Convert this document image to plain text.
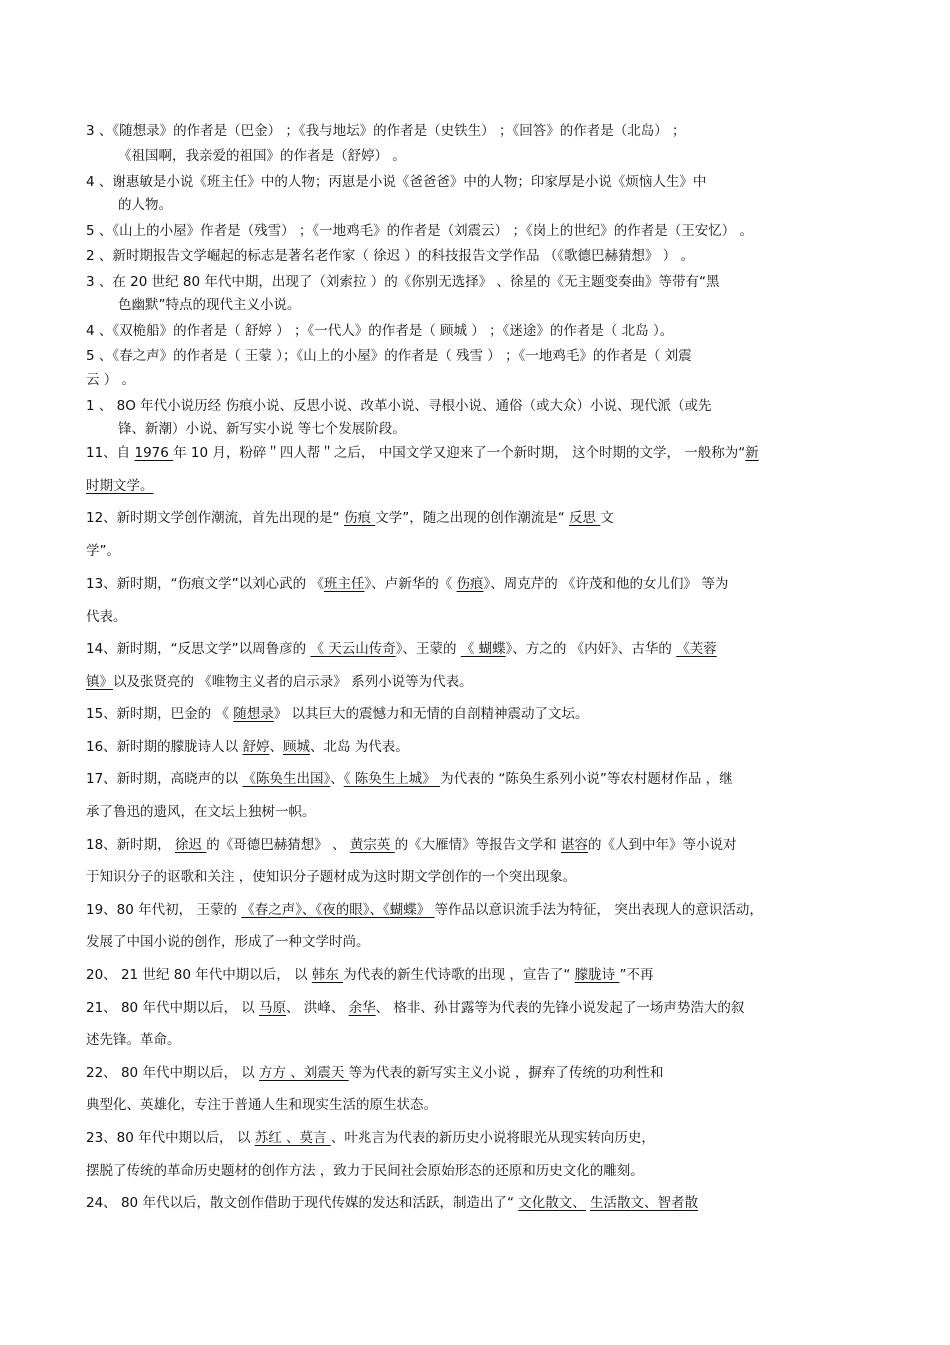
3 、《随想录》的作者是（巴金） ；《我与地坛》的作者是（史铁生） ；《回答》的作者是（北岛） ；
《祖国啊，我亲爱的祖国》的作者是（舒婷） 。
4 、谢惠敏是小说《班主任》中的人物；丙崽是小说《爸爸爸》中的人物；印家厚是小说《烦恼人生》中
的人物。
5 、《山上的小屋》作者是（残雪） ；《一地鸡毛》的作者是（刘震云） ；《岗上的世纪》的作者是（王安忆） 。
2 、新时期报告文学崛起的标志是著名老作家（ 徐迟 ）的科技报告文学作品 （《歌德巴赫猜想》 ） 。
3 、在 20 世纪 80 年代中期，出现了（刘索拉 ）的《你别无选择》 、徐星的《无主题变奏曲》等带有“黑
色幽默”特点的现代主义小说。
4 、《双桅船》的作者是（ 舒婷 ） ；《一代人》的作者是（ 顾城 ） ；《迷途》的作者是（ 北岛 ）。
5 、《春之声》的作者是（ 王蒙 ）；《山上的小屋》的作者是（ 残雪 ） ；《一地鸡毛》的作者是（ 刘震
云 ） 。
1 、 8O 年代小说历经 伤痕小说、反思小说、改革小说、寻根小说、通俗（或大众）小说、现代派（或先
锋、新潮）小说、新写实小说 等七个发展阶段。
11、自 1976 年 10 月，粉碎＂四人帮＂之后， 中国文学又迎来了一个新时期， 这个时期的文学， 一般称为“新
时期文学。
12、新时期文学创作潮流，首先出现的是“ 伤痕 文学”，随之出现的创作潮流是“ 反思 文
学”。
13、新时期，“伤痕文学”以刘心武的 《班主任》、卢新华的《 伤痕》、周克芹的 《许茂和他的女儿们》 等为
代表。
14、新时期，“反思文学”以周鲁彦的 《 天云山传奇》、王蒙的 《 蝴蝶》、方之的 《内奸》、古华的 《芙蓉
镇》以及张贤亮的 《唯物主义者的启示录》 系列小说等为代表。
15、新时期，巴金的 《 随想录》 以其巨大的震憾力和无情的自剖精神震动了文坛。
16、新时期的朦胧诗人以 舒婷、顾城、北岛 为代表。
17、新时期，高晓声的以 《陈奂生出国》、《 陈奂生上城》 为代表的 “陈奂生系列小说”等农村题材作品 ，继
承了鲁迅的遗风，在文坛上独树一帜。
18、新时期， 徐迟 的《哥德巴赫猜想》 、 黄宗英 的《大雁情》等报告文学和 谌容的《人到中年》等小说对
于知识分子的讴歌和关注 ，使知识分子题材成为这时期文学创作的一个突出现象。
19、80 年代初， 王蒙的 《春之声》、《夜的眼》、《蝴蝶》 等作品以意识流手法为特征， 突出表现人的意识活动，
发展了中国小说的创作，形成了一种文学时尚。
20、 21 世纪 80 年代中期以后， 以 韩东 为代表的新生代诗歌的出现 ，宣告了“ 朦胧诗 ”不再
21、 80 年代中期以后， 以 马原、 洪峰、 余华、 格非、孙甘露等为代表的先锋小说发起了一场声势浩大的叙
述先锋。革命。
22、 80 年代中期以后， 以 方方 、刘震天 等为代表的新写实主义小说 ，摒弃了传统的功利性和
典型化、英雄化，专注于普通人生和现实生活的原生状态。
23、80 年代中期以后， 以 苏红 、莫言 、叶兆言为代表的新历史小说将眼光从现实转向历史，
摆脱了传统的革命历史题材的创作方法 ，致力于民间社会原始形态的还原和历史文化的雕刻。
24、 80 年代以后，散文创作借助于现代传媒的发达和活跃，制造出了“ 文化散文、 生活散文、智者散
